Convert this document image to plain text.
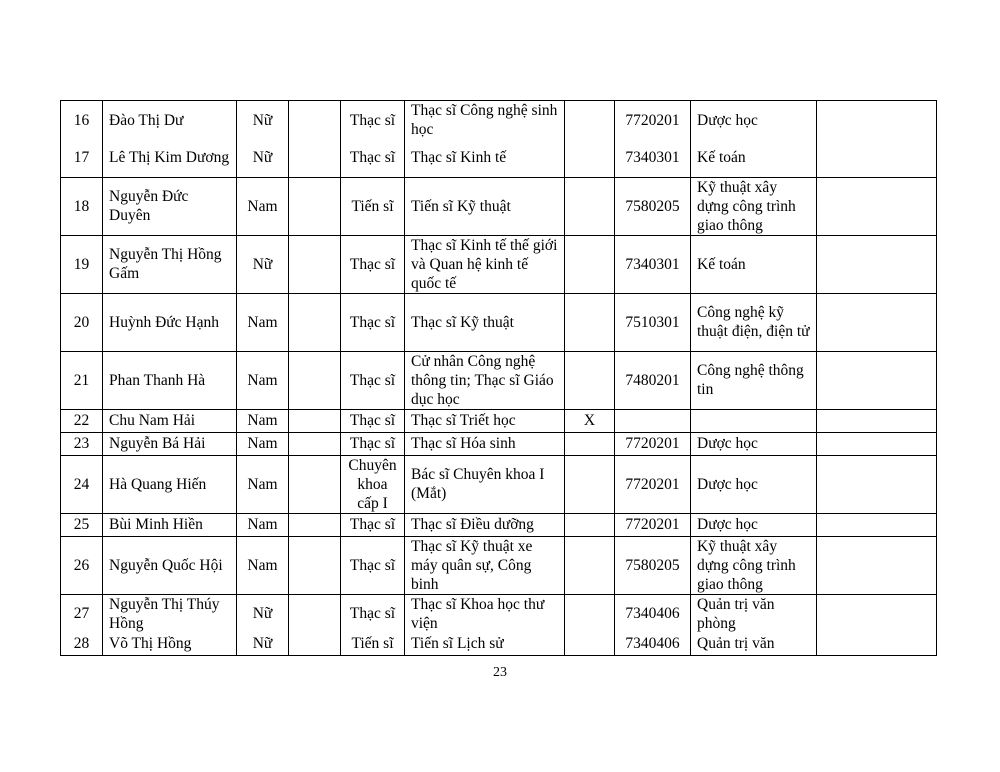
16	Đào Thị Dư	Nữ		Thạc sĩ	Thạc sĩ Công nghệ sinh học		7720201	Dược học	
17	Lê Thị Kim Dương	Nữ		Thạc sĩ	Thạc sĩ Kinh tế		7340301	Kế toán	
18	Nguyễn Đức Duyên	Nam		Tiến sĩ	Tiến sĩ Kỹ thuật		7580205	Kỹ thuật xây dựng công trình giao thông	
19	Nguyễn Thị Hồng Gấm	Nữ		Thạc sĩ	Thạc sĩ Kinh tế thế giới và Quan hệ kinh tế quốc tế		7340301	Kế toán	
20	Huỳnh Đức Hạnh	Nam		Thạc sĩ	Thạc sĩ Kỹ thuật		7510301	Công nghệ kỹ thuật điện, điện tử	
21	Phan Thanh Hà	Nam		Thạc sĩ	Cử nhân Công nghệ thông tin; Thạc sĩ Giáo dục học		7480201	Công nghệ thông tin	
22	Chu Nam Hải	Nam		Thạc sĩ	Thạc sĩ Triết học	X			
23	Nguyễn Bá Hải	Nam		Thạc sĩ	Thạc sĩ Hóa sinh		7720201	Dược học	
24	Hà Quang Hiến	Nam		Chuyên khoa cấp I	Bác sĩ Chuyên khoa I (Mắt)		7720201	Dược học	
25	Bùi Minh Hiền	Nam		Thạc sĩ	Thạc sĩ Điều dưỡng		7720201	Dược học	
26	Nguyễn Quốc Hội	Nam		Thạc sĩ	Thạc sĩ Kỹ thuật xe máy quân sự, Công binh		7580205	Kỹ thuật xây dựng công trình giao thông	
27	Nguyễn Thị Thúy Hồng	Nữ		Thạc sĩ	Thạc sĩ Khoa học thư viện		7340406	Quản trị văn phòng	
28	Võ Thị Hồng	Nữ		Tiến sĩ	Tiến sĩ Lịch sử		7340406	Quản trị văn	
23
